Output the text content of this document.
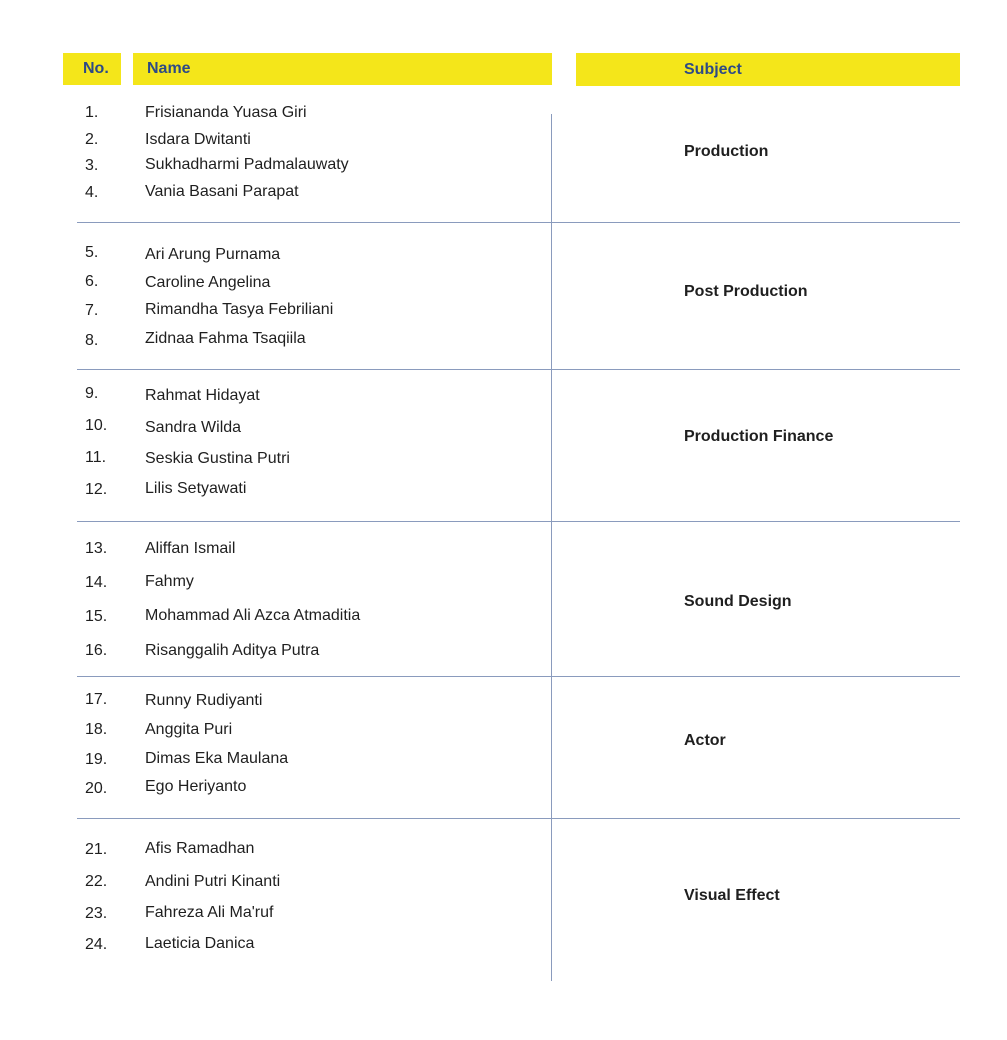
No. Name	Subject
1.	Frisiananda Yuasa Giri
2.	Isdara Dwitanti
3.	Sukhadharmi Padmalauwaty
4.	Vania Basani Parapat
Production
5.	Ari Arung Purnama
6.	Caroline Angelina
7.	Rimandha Tasya Febriliani
8.	Zidnaa Fahma Tsaqiila
Post Production
9.	Rahmat Hidayat
10. Sandra Wilda
11. Seskia Gustina Putri
12. Lilis Setyawati
Production Finance
13. Aliffan Ismail
14. Fahmy
15. Mohammad Ali Azca Atmaditia
16. Risanggalih Aditya Putra
Sound Design
17. Runny Rudiyanti
18. Anggita Puri
19. Dimas Eka Maulana
20. Ego Heriyanto
Actor
21. Afis Ramadhan
22. Andini Putri Kinanti
23. Fahreza Ali Ma'ruf
24. Laeticia Danica
Visual Effect
